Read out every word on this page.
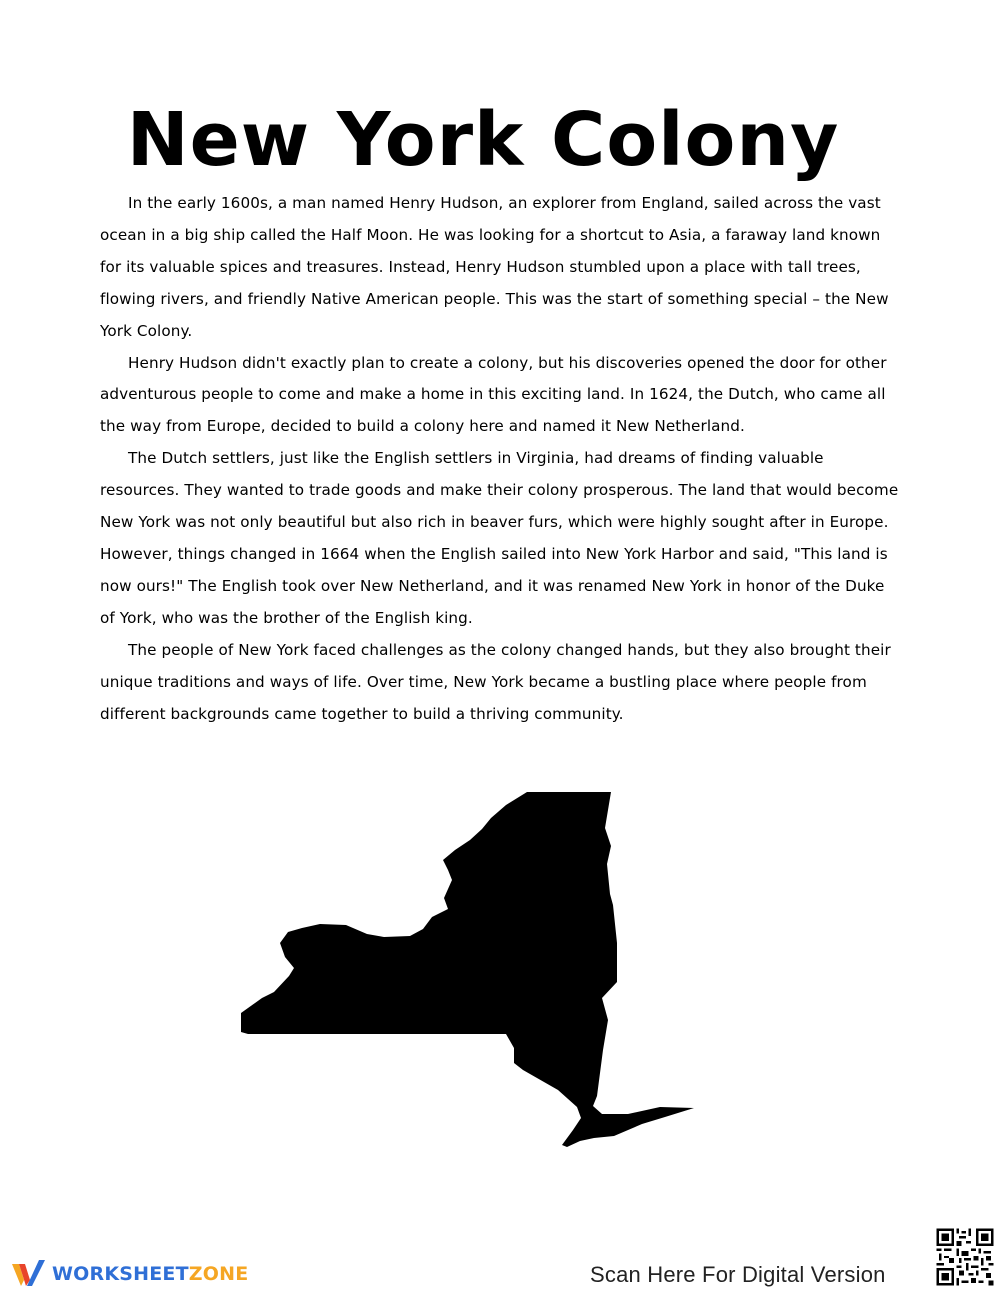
New York Colony

In the early 1600s, a man named Henry Hudson, an explorer from England, sailed across the vast ocean in a big ship called the Half Moon. He was looking for a shortcut to Asia, a faraway land known for its valuable spices and treasures. Instead, Henry Hudson stumbled upon a place with tall trees, flowing rivers, and friendly Native American people. This was the start of something special – the New York Colony.

Henry Hudson didn't exactly plan to create a colony, but his discoveries opened the door for other adventurous people to come and make a home in this exciting land. In 1624, the Dutch, who came all the way from Europe, decided to build a colony here and named it New Netherland.

The Dutch settlers, just like the English settlers in Virginia, had dreams of finding valuable resources. They wanted to trade goods and make their colony prosperous. The land that would become New York was not only beautiful but also rich in beaver furs, which were highly sought after in Europe. However, things changed in 1664 when the English sailed into New York Harbor and said, "This land is now ours!" The English took over New Netherland, and it was renamed New York in honor of the Duke of York, who was the brother of the English king.

The people of New York faced challenges as the colony changed hands, but they also brought their unique traditions and ways of life. Over time, New York became a bustling place where people from different backgrounds came together to build a thriving community.

WORKSHEETZONE	Scan Here For Digital Version
